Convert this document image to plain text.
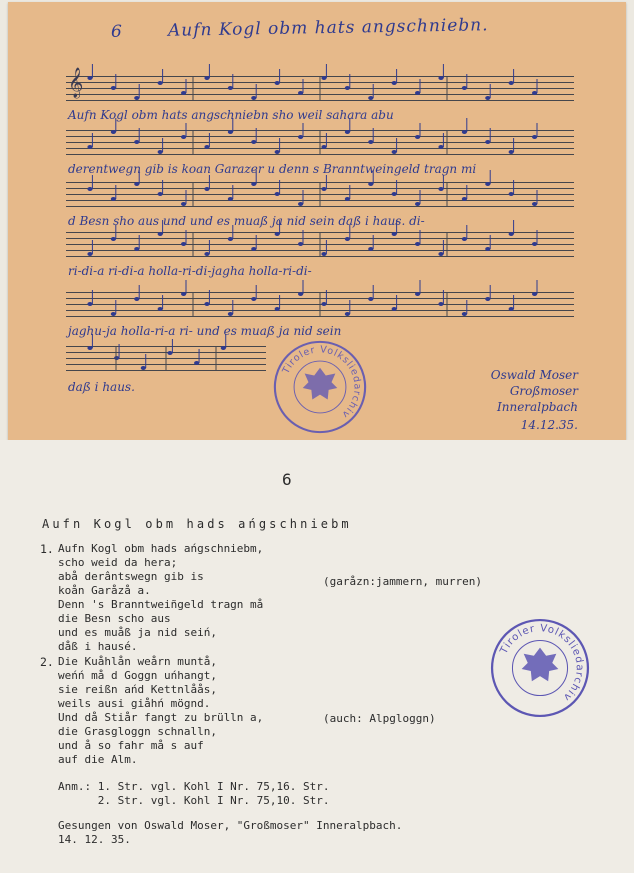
6	Aufn Kogl obm hats angschniebn.
Aufn Kogl obm hats angschniebn sho weil sahara abu
derentwegn gib is koan Garazer u denn s Branntweingeld tragn mi
d Besn sho aus und und es muaß ja nid sein daß i haus. di-
ri-di-a ri-di-a holla-ri-di-jagha holla-ri-di-
jaghu-ja holla-ri-a ri- und es muaß ja nid sein
daß i haus.
𝄞
Oswald Moser
Großmoser
Inneralpbach
14.12.35.
Tiroler Volksliedarchiv
6
Aufn Kogl obm hads ańgschniebm
1. Aufn Kogl obm hads ańgschniebm,
scho weid da hera;
abå derântswegn gib is
koån Garåzå a.
Denn 's Branntweiñgeld tragn må
die Besn scho aus
und es muåß ja nid seiń,
dåß i hausé.
(garåzn:jammern, murren)
2. Die Kuåhlån weårn muntå,
weńń må d Goggn uńhangt,
sie reißn ańd Kettnlåås,
weils ausi giåhń mögnd.
Und då Stiår fangt zu brülln a,
die Grasgloggn schnalln,
und å so fahr må s auf
auf die Alm.
(auch: Alpgloggn)
Anm.: 1. Str. vgl. Kohl I Nr. 75,16. Str.
2. Str. vgl. Kohl I Nr. 75,10. Str.
Gesungen von Oswald Moser, "Großmoser" Inneralpbach.
14. 12. 35.
Tiroler Volksliedarchiv
